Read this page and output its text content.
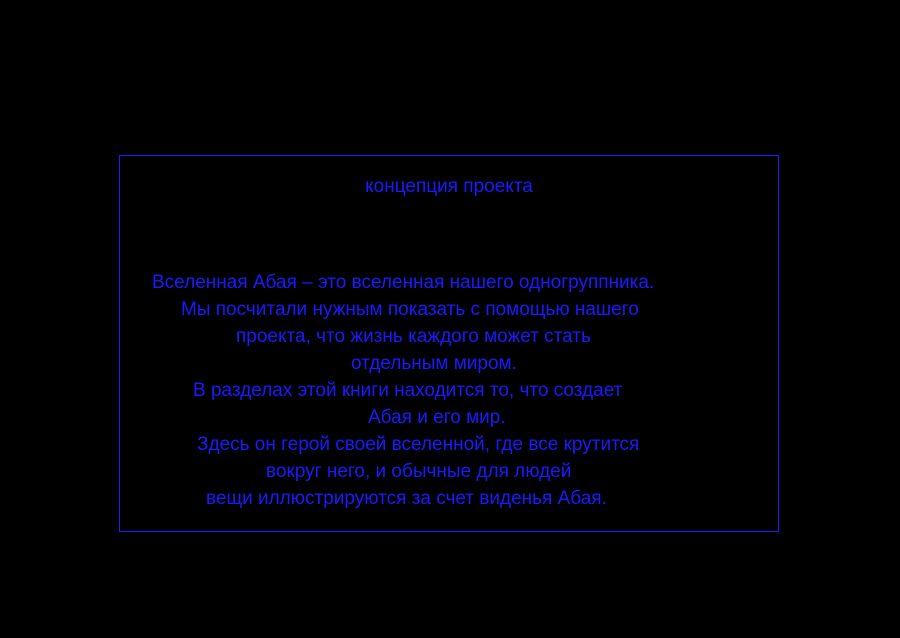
концепция проекта
Вселенная Абая – это вселенная нашего одногруппника.
Мы посчитали нужным показать с помощью нашего
проекта, что жизнь каждого может стать
отдельным миром.
В разделах этой книги находится то, что создает
Абая и его мир.
Здесь он герой своей вселенной, где все крутится
вокруг него, и обычные для людей
вещи иллюстрируются за счет виденья Абая.
